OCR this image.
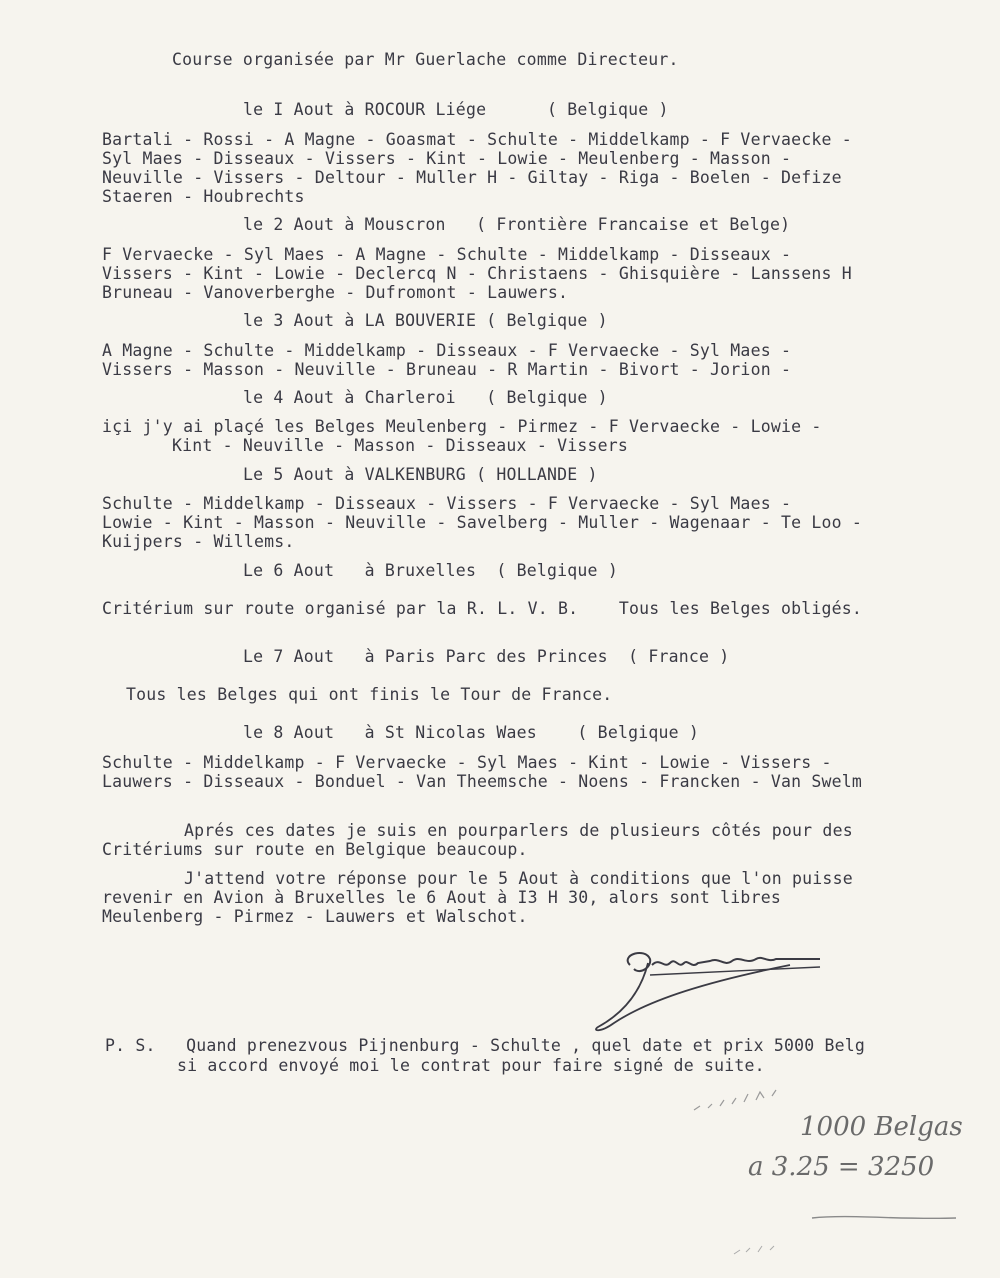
Course organisée par Mr Guerlache comme Directeur.
le I Aout à ROCOUR Liége      ( Belgique )
Bartali - Rossi - A Magne - Goasmat - Schulte - Middelkamp - F Vervaecke -
Syl Maes - Disseaux - Vissers - Kint - Lowie - Meulenberg - Masson -
Neuville - Vissers - Deltour - Muller H - Giltay - Riga - Boelen - Defize
Staeren - Houbrechts
le 2 Aout à Mouscron   ( Frontière Francaise et Belge)
F Vervaecke - Syl Maes - A Magne - Schulte - Middelkamp - Disseaux -
Vissers - Kint - Lowie - Declercq N - Christaens - Ghisquière - Lanssens H
Bruneau - Vanoverberghe - Dufromont - Lauwers.
le 3 Aout à LA BOUVERIE ( Belgique )
A Magne - Schulte - Middelkamp - Disseaux - F Vervaecke - Syl Maes -
Vissers - Masson - Neuville - Bruneau - R Martin - Bivort - Jorion -
le 4 Aout à Charleroi   ( Belgique )
içi j'y ai plaçé les Belges Meulenberg - Pirmez - F Vervaecke - Lowie -
Kint - Neuville - Masson - Disseaux - Vissers
Le 5 Aout à VALKENBURG ( HOLLANDE )
Schulte - Middelkamp - Disseaux - Vissers - F Vervaecke - Syl Maes -
Lowie - Kint - Masson - Neuville - Savelberg - Muller - Wagenaar - Te Loo -
Kuijpers - Willems.
Le 6 Aout   à Bruxelles  ( Belgique )
Critérium sur route organisé par la R. L. V. B.    Tous les Belges obligés.
Le 7 Aout   à Paris Parc des Princes  ( France )
Tous les Belges qui ont finis le Tour de France.
le 8 Aout   à St Nicolas Waes    ( Belgique )
Schulte - Middelkamp - F Vervaecke - Syl Maes - Kint - Lowie - Vissers -
Lauwers - Disseaux - Bonduel - Van Theemsche - Noens - Francken - Van Swelm
Aprés ces dates je suis en pourparlers de plusieurs côtés pour des
Critériums sur route en Belgique beaucoup.
J'attend votre réponse pour le 5 Aout à conditions que l'on puisse
revenir en Avion à Bruxelles le 6 Aout à I3 H 30, alors sont libres
Meulenberg - Pirmez - Lauwers et Walschot.
P. S.   Quand prenezvous Pijnenburg - Schulte , quel date et prix 5000 Belg
si accord envoyé moi le contrat pour faire signé de suite.
1000 Belgas
a 3.25 = 3250
